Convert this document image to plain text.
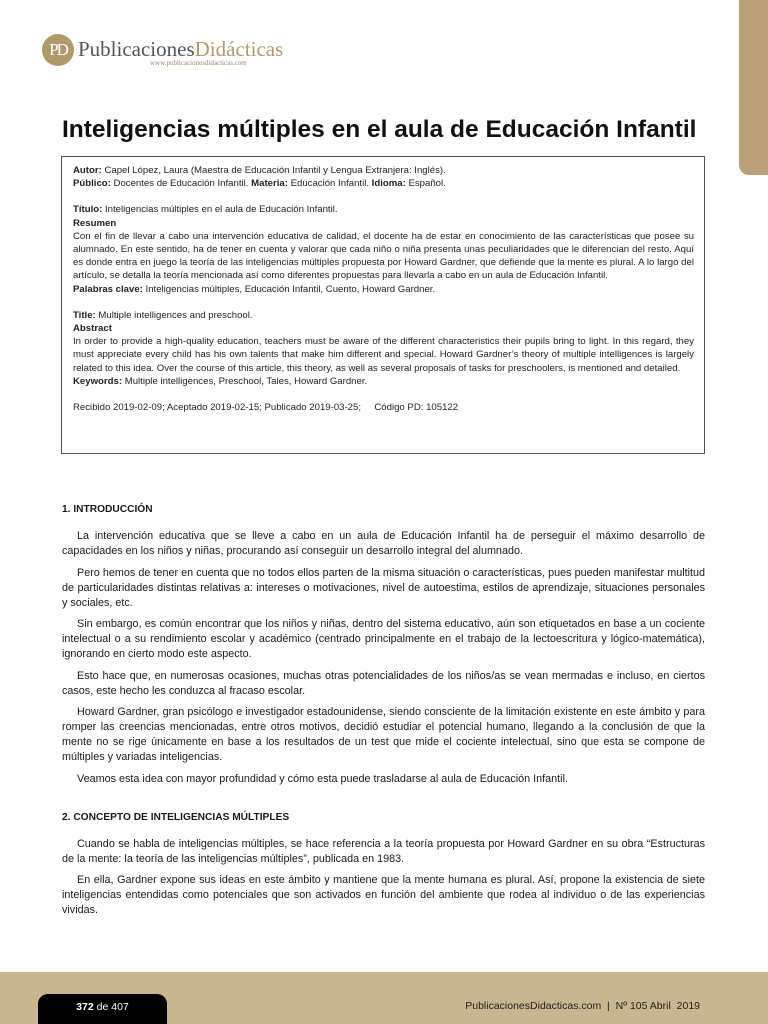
PD PublicacionesDidácticas
www.publicacionesdidacticas.com
Inteligencias múltiples en el aula de Educación Infantil

Autor: Capel López, Laura (Maestra de Educación Infantil y Lengua Extranjera: Inglés).

Público: Docentes de Educación Infantil. Materia: Educación Infantil. Idioma: Español.

Título: Inteligencias múltiples en el aula de Educación Infantil.

Resumen

Con el fin de llevar a cabo una intervención educativa de calidad, el docente ha de estar en conocimiento de las características que posee su alumnado. En este sentido, ha de tener en cuenta y valorar que cada niño o niña presenta unas peculiaridades que le diferencian del resto. Aquí es donde entra en juego la teoría de las inteligencias múltiples propuesta por Howard Gardner, que defiende que la mente es plural. A lo largo del artículo, se detalla la teoría mencionada así como diferentes propuestas para llevarla a cabo en un aula de Educación Infantil.

Palabras clave: Inteligencias múltiples, Educación Infantil, Cuento, Howard Gardner.

Title: Multiple intelligences and preschool.

Abstract

In order to provide a high-quality education, teachers must be aware of the different characteristics their pupils bring to light. In this regard, they must appreciate every child has his own talents that make him different and special. Howard Gardner’s theory of multiple intelligences is largely related to this idea. Over the course of this article, this theory, as well as several proposals of tasks for preschoolers, is mentioned and detailed.

Keywords: Multiple intelligences, Preschool, Tales, Howard Gardner.

Recibido 2019-02-09; Aceptado 2019-02-15; Publicado 2019-03-25;     Código PD: 105122

1. INTRODUCCIÓN

La intervención educativa que se lleve a cabo en un aula de Educación Infantil ha de perseguir el máximo desarrollo de capacidades en los niños y niñas, procurando así conseguir un desarrollo integral del alumnado.

Pero hemos de tener en cuenta que no todos ellos parten de la misma situación o características, pues pueden manifestar multitud de particularidades distintas relativas a: intereses o motivaciones, nivel de autoestima, estilos de aprendizaje, situaciones personales y sociales, etc.

Sin embargo, es común encontrar que los niños y niñas, dentro del sistema educativo, aún son etiquetados en base a un cociente intelectual o a su rendimiento escolar y académico (centrado principalmente en el trabajo de la lectoescritura y lógico-matemática), ignorando en cierto modo este aspecto.

Esto hace que, en numerosas ocasiones, muchas otras potencialidades de los niños/as se vean mermadas e incluso, en ciertos casos, este hecho les conduzca al fracaso escolar.

Howard Gardner, gran psicólogo e investigador estadounidense, siendo consciente de la limitación existente en este ámbito y para romper las creencias mencionadas, entre otros motivos, decidió estudiar el potencial humano, llegando a la conclusión de que la mente no se rige únicamente en base a los resultados de un test que mide el cociente intelectual, sino que esta se compone de múltiples y variadas inteligencias.

Veamos esta idea con mayor profundidad y cómo esta puede trasladarse al aula de Educación Infantil.

2. CONCEPTO DE INTELIGENCIAS MÚLTIPLES

Cuando se habla de inteligencias múltiples, se hace referencia a la teoría propuesta por Howard Gardner en su obra “Estructuras de la mente: la teoría de las inteligencias múltiples”, publicada en 1983.

En ella, Gardner expone sus ideas en este ámbito y mantiene que la mente humana es plural. Así, propone la existencia de siete inteligencias entendidas como potenciales que son activados en función del ambiente que rodea al individuo o de las experiencias vividas.

372 de 407	PublicacionesDidacticas.com  |  Nº 105 Abril  2019
